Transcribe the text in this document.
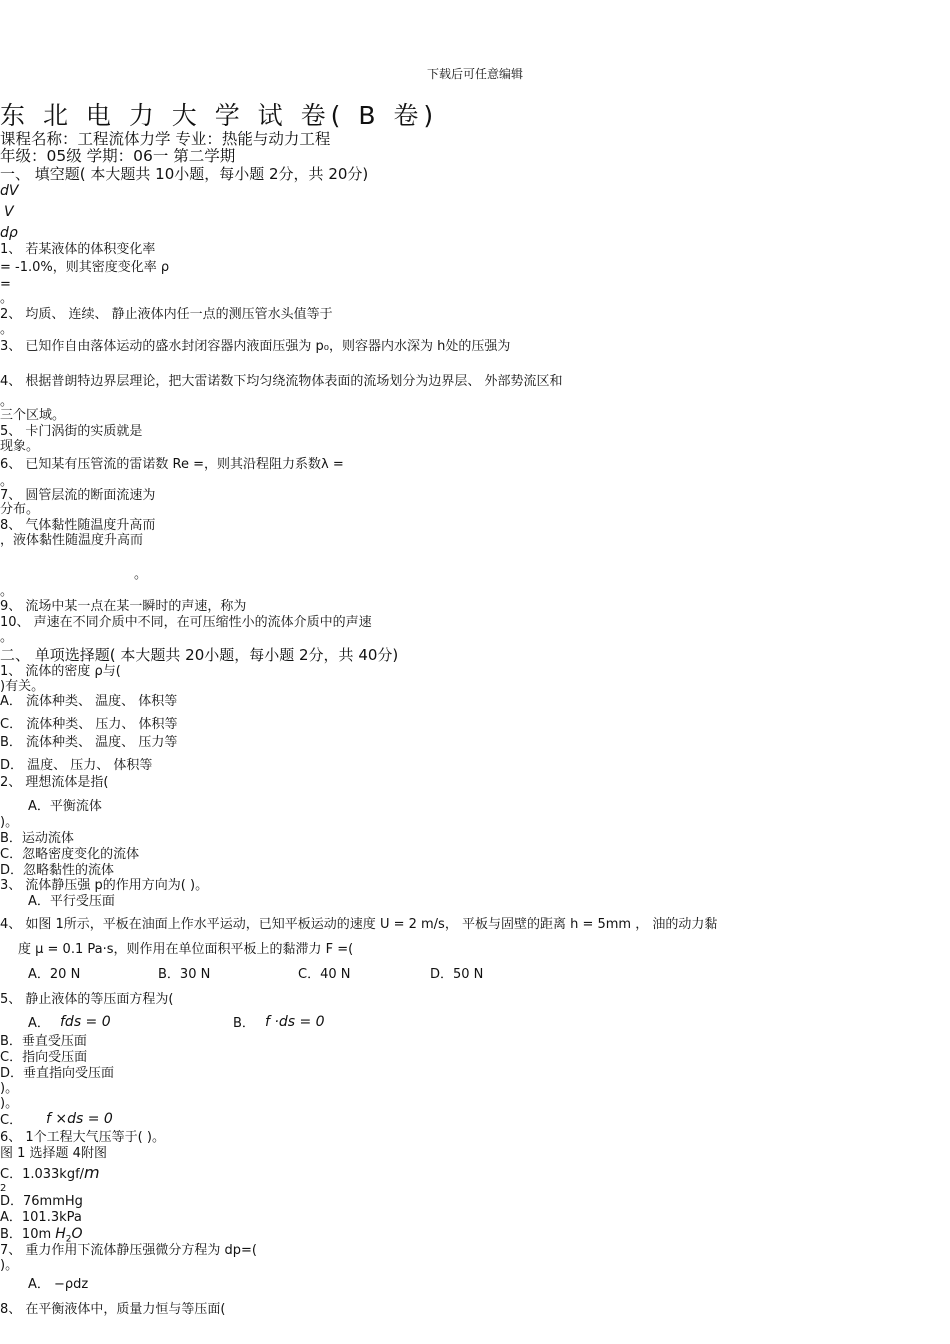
下载后可任意编辑
东 北 电 力 大 学 试 卷( B 卷)
课程名称：工程流体力学 专业：热能与动力工程
年级：05级 学期：06一 第二学期
一、 填空题( 本大题共 10小题，每小题 2分，共 20分)
dV
V
dρ
1、 若某液体的体积变化率
= -1.0%，则其密度变化率 ρ
=
。
2、 均质、 连续、 静止液体内任一点的测压管水头值等于
。
3、 已知作自由落体运动的盛水封闭容器内液面压强为 p₀，则容器内水深为 h处的压强为
4、 根据普朗特边界层理论，把大雷诺数下均匀绕流物体表面的流场划分为边界层、 外部势流区和
。
三个区域。
5、 卡门涡街的实质就是
现象。
6、 已知某有压管流的雷诺数 Re =，则其沿程阻力系数λ =
。
7、 圆管层流的断面流速为
分布。
8、 气体黏性随温度升高而
，液体黏性随温度升高而
。
。
9、 流场中某一点在某一瞬时的声速，称为
10、 声速在不同介质中不同，在可压缩性小的流体介质中的声速
。
二、 单项选择题( 本大题共 20小题，每小题 2分，共 40分)
1、 流体的密度 ρ与(
)有关。
A． 流体种类、 温度、 体积等
C． 流体种类、 压力、 体积等
B． 流体种类、 温度、 压力等
D． 温度、 压力、 体积等
2、 理想流体是指(
A．平衡流体
)。
B．运动流体
C．忽略密度变化的流体
D．忽略黏性的流体
3、 流体静压强 p的作用方向为( )。
A．平行受压面
4、 如图 1所示，平板在油面上作水平运动，已知平板运动的速度 U = 2 m/s， 平板与固壁的距离 h = 5mm ， 油的动力黏
度 μ = 0.1 Pa·s，则作用在单位面积平板上的黏滞力 F =(
A．20 N	B．30 N	C．40 N	D．50 N
5、 静止液体的等压面方程为(
A． fds = 0	B． f ·ds = 0
B．垂直受压面
C．指向受压面
D．垂直指向受压面
)。
)。
C． f ×ds = 0
6、 1个工程大气压等于( )。
图 1 选择题 4附图
C．1.033kgf/m
2
D．76mmHg
A．101.3kPa
B．10m $H_2O$
7、 重力作用下流体静压强微分方程为 dp=(
)。
A． −ρdz
8、 在平衡液体中，质量力恒与等压面(
